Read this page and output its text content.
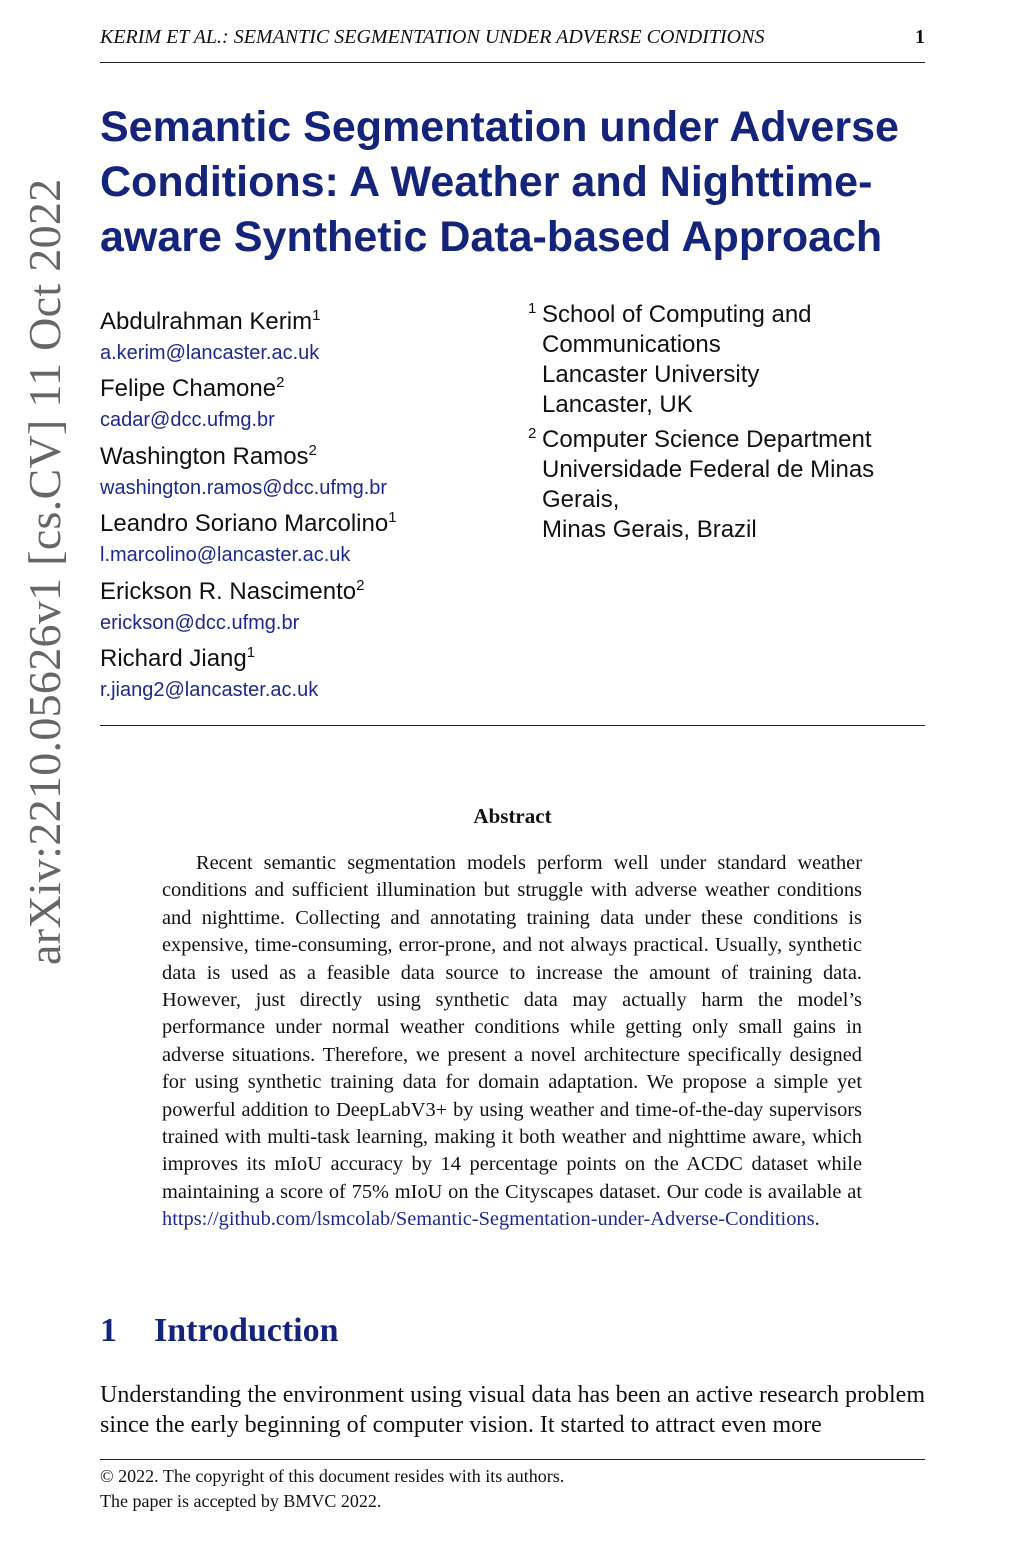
KERIM ET AL.: SEMANTIC SEGMENTATION UNDER ADVERSE CONDITIONS	1
arXiv:2210.05626v1 [cs.CV] 11 Oct 2022
Semantic Segmentation under Adverse Conditions: A Weather and Nighttime-aware Synthetic Data-based Approach
Abdulrahman Kerim$^1$
a.kerim@lancaster.ac.uk
Felipe Chamone$^2$
cadar@dcc.ufmg.br
Washington Ramos$^2$
washington.ramos@dcc.ufmg.br
Leandro Soriano Marcolino$^1$
l.marcolino@lancaster.ac.uk
Erickson R. Nascimento$^2$
erickson@dcc.ufmg.br
Richard Jiang$^1$
r.jiang2@lancaster.ac.uk
1 School of Computing and
Communications
Lancaster University
Lancaster, UK
2 Computer Science Department
Universidade Federal de Minas
Gerais,
Minas Gerais, Brazil
Abstract

Recent semantic segmentation models perform well under standard weather conditions and sufficient illumination but struggle with adverse weather conditions and nighttime. Collecting and annotating training data under these conditions is expensive, time-consuming, error-prone, and not always practical. Usually, synthetic data is used as a feasible data source to increase the amount of training data. However, just directly using synthetic data may actually harm the model’s performance under normal weather conditions while getting only small gains in adverse situations. Therefore, we present a novel architecture specifically designed for using synthetic training data for domain adaptation. We propose a simple yet powerful addition to DeepLabV3+ by using weather and time-of-the-day supervisors trained with multi-task learning, making it both weather and nighttime aware, which improves its mIoU accuracy by 14 percentage points on the ACDC dataset while maintaining a score of 75% mIoU on the Cityscapes dataset. Our code is available at https://github.com/lsmcolab/Semantic-Segmentation-under-Adverse-Conditions.

1 Introduction

Understanding the environment using visual data has been an active research problem since the early beginning of computer vision. It started to attract even more

© 2022. The copyright of this document resides with its authors.
The paper is accepted by BMVC 2022.
